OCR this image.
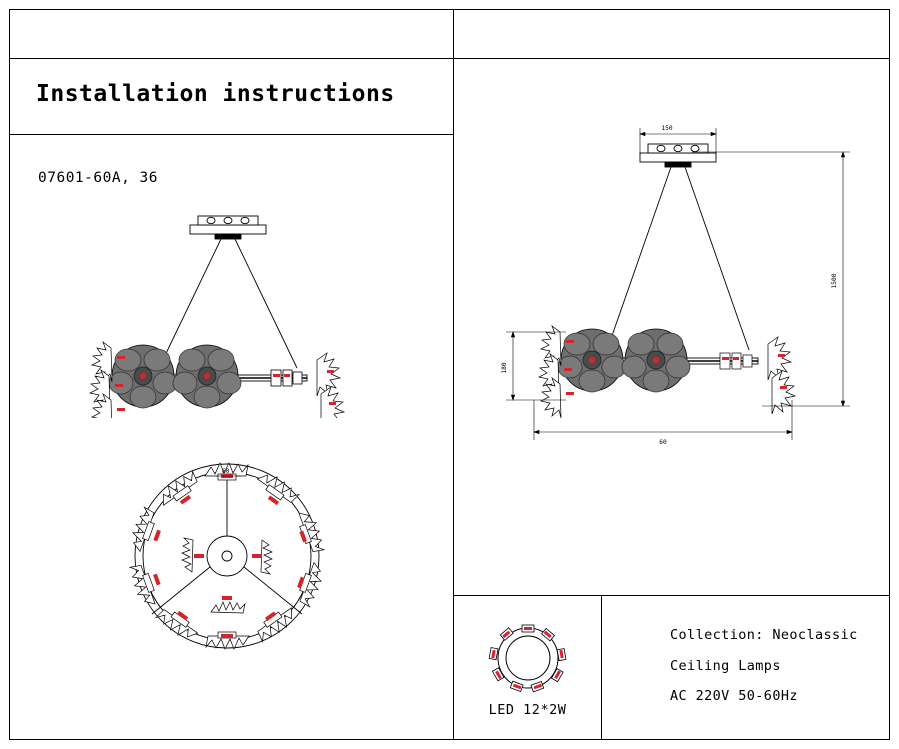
Installation instructions
07601-60A, 36
60
150
1500
180
60
LED 12*2W
Collection: Neoclassic
Ceiling Lamps
AC 220V 50-60Hz
